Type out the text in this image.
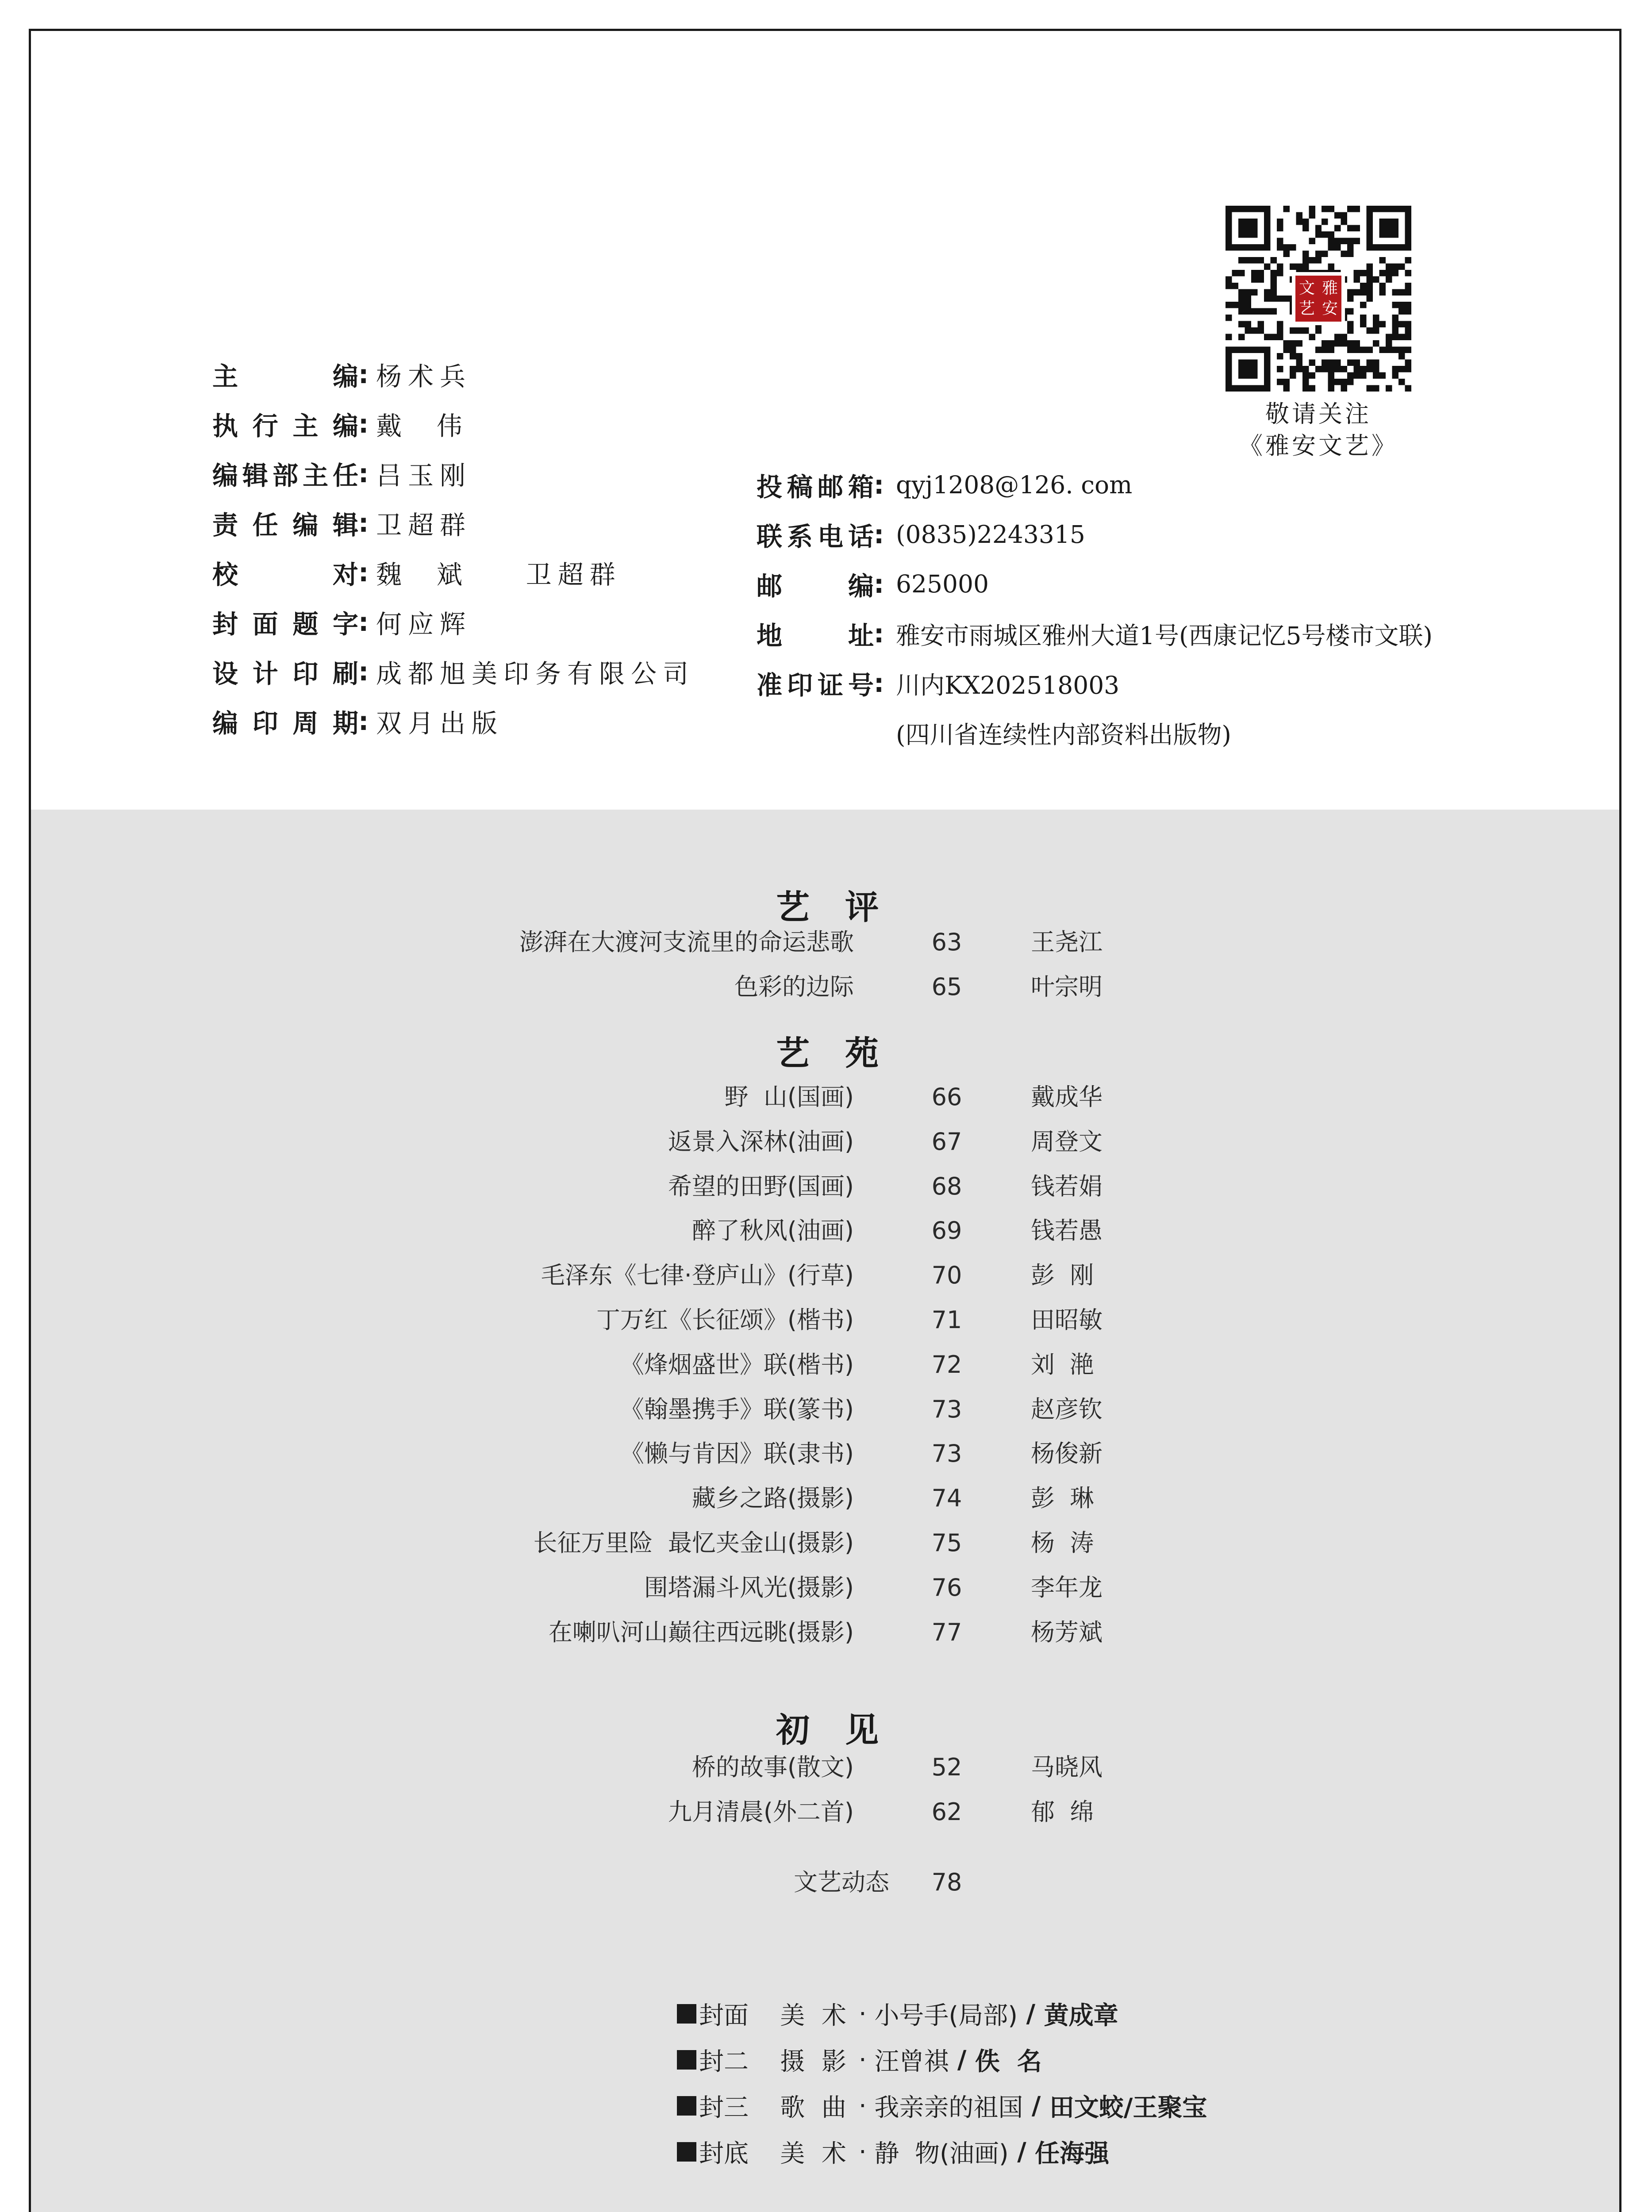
主	编 : 杨术兵
执 行 主 编 : 戴  伟
编 辑 部 主 任 : 吕玉刚
责 任 编 辑 : 卫超群
校	对 : 魏  斌    卫超群
封 面 题 字 : 何应辉
设 计 印 刷 : 成都旭美印务有限公司
编 印 周 期 : 双月出版
文 雅
艺 安
敬请关注
《雅安文艺》
投 稿 邮 箱 : qyj1208@126. com
联 系 电 话 : (0835)2243315
邮	编 : 625000
地	址 : 雅安市雨城区雅州大道1号(西康记忆5号楼市文联)
准 印 证 号 : 川内KX202518003
(四川省连续性内部资料出版物)
艺评
澎湃在大渡河支流里的命运悲歌	63	王尧江
色彩的边际	65	叶宗明
艺苑
野  山(国画)	66	戴成华
返景入深林(油画)	67	周登文
希望的田野(国画)	68	钱若娟
醉了秋风(油画)	69	钱若愚
毛泽东《七律·登庐山》(行草)	70	彭  刚
丁万红《长征颂》(楷书)	71	田昭敏
《烽烟盛世》联(楷书)	72	刘  滟
《翰墨携手》联(篆书)	73	赵彦钦
《懒与肯因》联(隶书)	73	杨俊新
藏乡之路(摄影)	74	彭  琳
长征万里险  最忆夹金山(摄影)	75	杨  涛
围塔漏斗风光(摄影)	76	李年龙
在喇叭河山巅往西远眺(摄影)	77	杨芳斌
初见
桥的故事(散文)	52	马晓风
九月清晨(外二首)	62	郁  绵
文艺动态 78
封面
美 术 · 小号手(局部) / 黄成章
封二
摄 影 · 汪曾祺 / 佚  名
封三
歌 曲 · 我亲亲的祖国 / 田文蛟/王聚宝
封底
美 术 · 静  物(油画) / 任海强
